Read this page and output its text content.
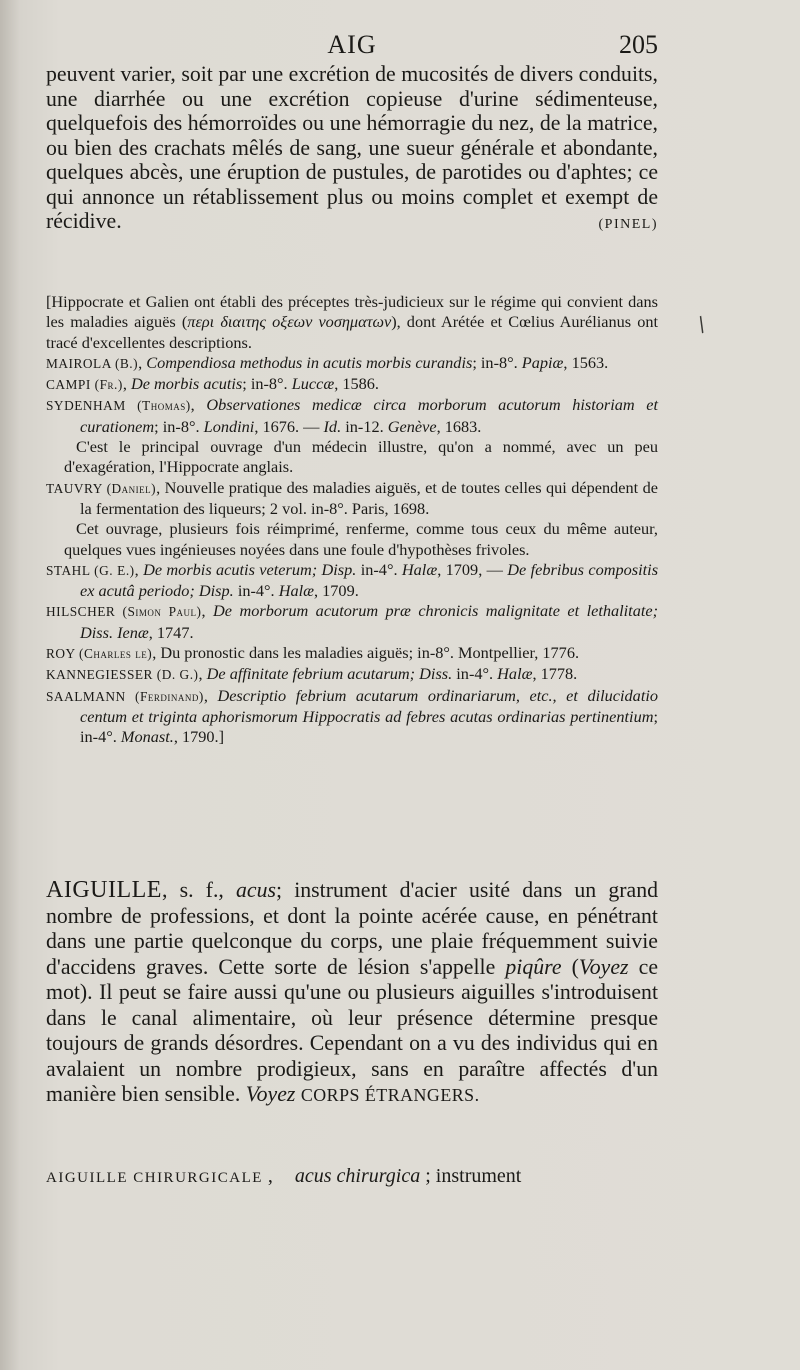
AIG	205
peuvent varier, soit par une excrétion de mucosités de divers conduits, une diarrhée ou une excrétion copieuse d'urine sédimenteuse, quelquefois des hémorroïdes ou une hémorragie du nez, de la matrice, ou bien des crachats mêlés de sang, une sueur générale et abondante, quelques abcès, une éruption de pustules, de parotides ou d'aphtes; ce qui annonce un rétablissement plus ou moins complet et exempt de récidive.	(PINEL)

[Hippocrate et Galien ont établi des préceptes très-judicieux sur le régime qui convient dans les maladies aiguës (περι διαιτης οξεων νοσηματων), dont Arétée et Cœlius Aurélianus ont tracé d'excellentes descriptions.

MAIROLA (B.), Compendiosa methodus in acutis morbis curandis; in-8°. Papiæ, 1563.

CAMPI (Fr.), De morbis acutis; in-8°. Luccæ, 1586.

SYDENHAM (Thomas), Observationes medicæ circa morborum acutorum historiam et curationem; in-8°. Londini, 1676. — Id. in-12. Genève, 1683.

C'est le principal ouvrage d'un médecin illustre, qu'on a nommé, avec un peu d'exagération, l'Hippocrate anglais.

TAUVRY (Daniel), Nouvelle pratique des maladies aiguës, et de toutes celles qui dépendent de la fermentation des liqueurs; 2 vol. in-8°. Paris, 1698.

Cet ouvrage, plusieurs fois réimprimé, renferme, comme tous ceux du même auteur, quelques vues ingénieuses noyées dans une foule d'hypothèses frivoles.

STAHL (G. E.), De morbis acutis veterum; Disp. in-4°. Halæ, 1709, — De febribus compositis ex acutâ periodo; Disp. in-4°. Halæ, 1709.

HILSCHER (Simon Paul), De morborum acutorum præ chronicis malignitate et lethalitate; Diss. Ienæ, 1747.

ROY (Charles le), Du pronostic dans les maladies aiguës; in-8°. Montpellier, 1776.

KANNEGIESSER (D. G.), De affinitate febrium acutarum; Diss. in-4°. Halæ, 1778.

SAALMANN (Ferdinand), Descriptio febrium acutarum ordinariarum, etc., et dilucidatio centum et triginta aphorismorum Hippocratis ad febres acutas ordinarias pertinentium; in-4°. Monast., 1790.]

/
AIGUILLE, s. f., acus; instrument d'acier usité dans un grand nombre de professions, et dont la pointe acérée cause, en pénétrant dans une partie quelconque du corps, une plaie fréquemment suivie d'accidens graves. Cette sorte de lésion s'appelle piqûre (Voyez ce mot). Il peut se faire aussi qu'une ou plusieurs aiguilles s'introduisent dans le canal alimentaire, où leur présence détermine presque toujours de grands désordres. Cependant on a vu des individus qui en avalaient un nombre prodigieux, sans en paraître affectés d'un manière bien sensible. Voyez CORPS ÉTRANGERS.
AIGUILLE CHIRURGICALE , acus chirurgica ; instrument
